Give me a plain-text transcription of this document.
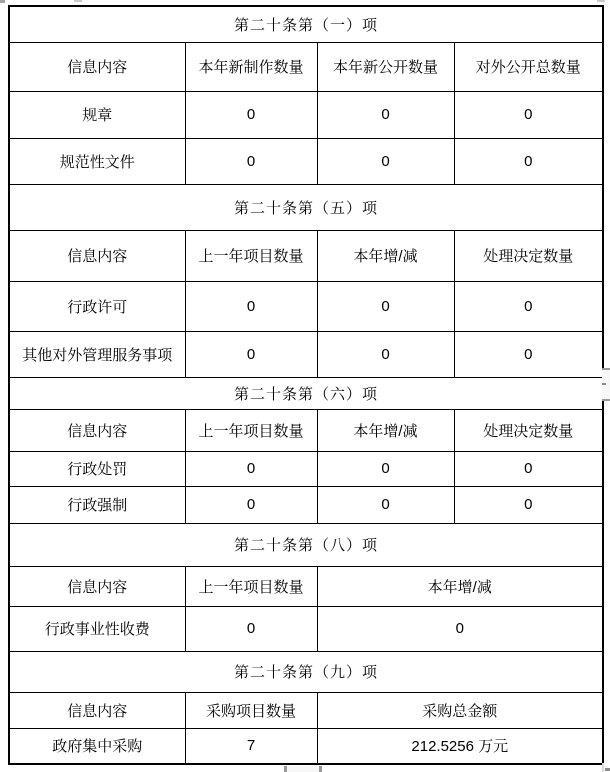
第二十条第（一）项			
信息内容	本年新制作数量	本年新公开数量	对外公开总数量
规章	0	0	0
规范性文件	0	0	0
第二十条第（五）项			
信息内容	上一年项目数量	本年增/减	处理决定数量
行政许可	0	0	0
其他对外管理服务事项	0	0	0
第二十条第（六）项			
信息内容	上一年项目数量	本年增/减	处理决定数量
行政处罚	0	0	0
行政强制	0	0	0
第二十条第（八）项			
信息内容	上一年项目数量	本年增/减	
行政事业性收费	0	0	
第二十条第（九）项			
信息内容	采购项目数量	采购总金额	
政府集中采购	7	212.5256 万元	
